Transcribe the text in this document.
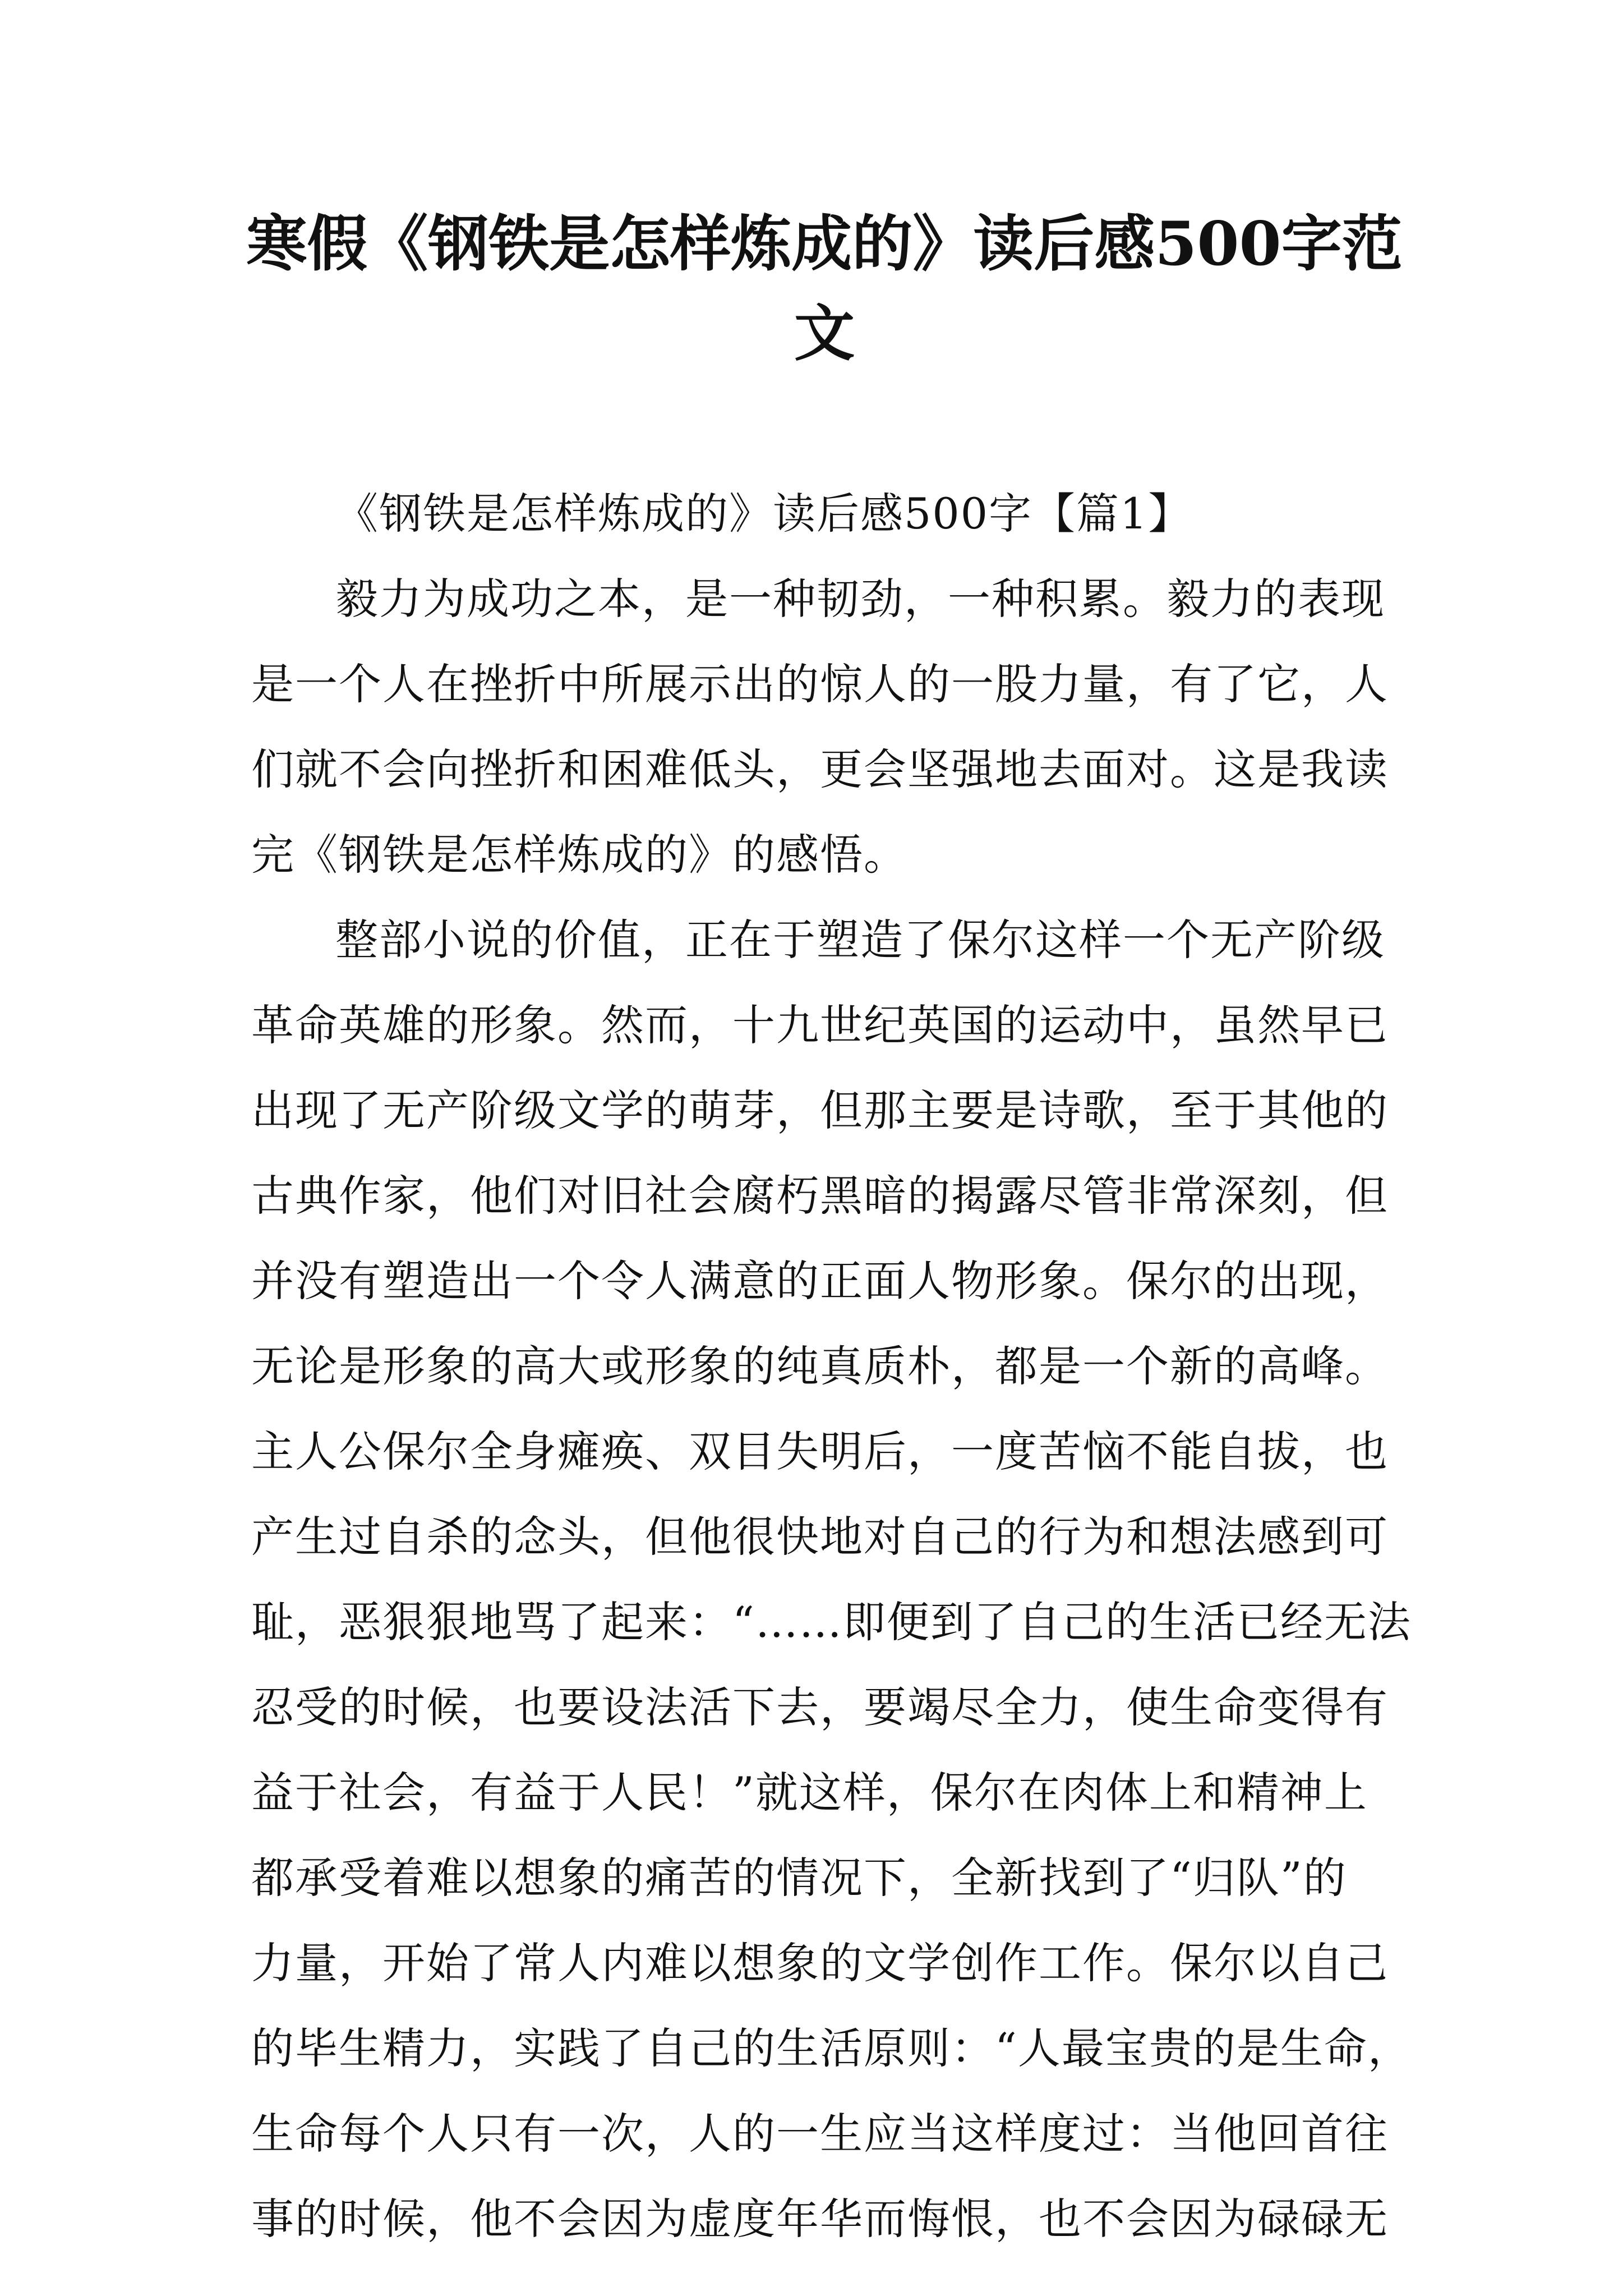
寒假《钢铁是怎样炼成的》读后感500字范
文
《钢铁是怎样炼成的》读后感500字【篇1】
毅力为成功之本，是一种韧劲，一种积累。毅力的表现
是一个人在挫折中所展示出的惊人的一股力量，有了它，人
们就不会向挫折和困难低头，更会坚强地去面对。这是我读
完《钢铁是怎样炼成的》的感悟。
整部小说的价值，正在于塑造了保尔这样一个无产阶级
革命英雄的形象。然而，十九世纪英国的运动中，虽然早已
出现了无产阶级文学的萌芽，但那主要是诗歌，至于其他的
古典作家，他们对旧社会腐朽黑暗的揭露尽管非常深刻，但
并没有塑造出一个令人满意的正面人物形象。保尔的出现，
无论是形象的高大或形象的纯真质朴，都是一个新的高峰。
主人公保尔全身瘫痪、双目失明后，一度苦恼不能自拔，也
产生过自杀的念头，但他很快地对自己的行为和想法感到可
耻，恶狠狠地骂了起来：“……即便到了自己的生活已经无法
忍受的时候，也要设法活下去，要竭尽全力，使生命变得有
益于社会，有益于人民！”就这样，保尔在肉体上和精神上
都承受着难以想象的痛苦的情况下，全新找到了“归队”的
力量，开始了常人内难以想象的文学创作工作。保尔以自己
的毕生精力，实践了自己的生活原则：“人最宝贵的是生命，
生命每个人只有一次，人的一生应当这样度过：当他回首往
事的时候，他不会因为虚度年华而悔恨，也不会因为碌碌无
